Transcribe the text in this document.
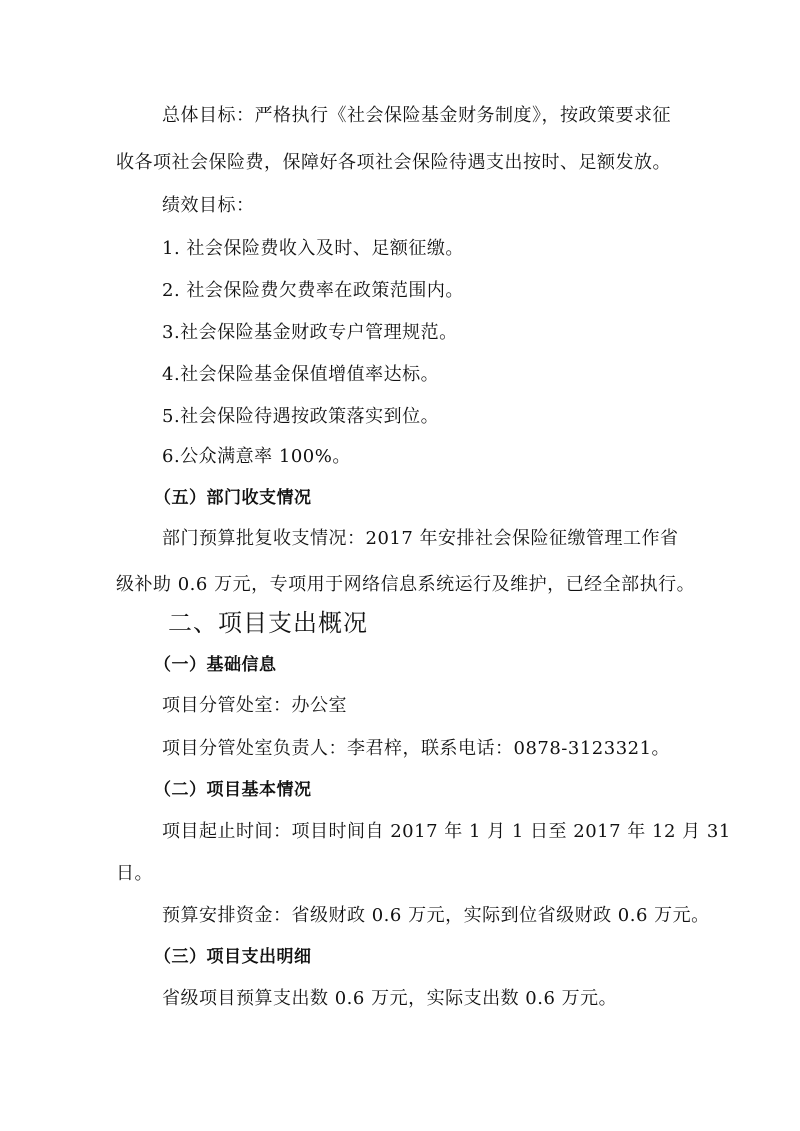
总体目标：严格执行《社会保险基金财务制度》，按政策要求征
收各项社会保险费，保障好各项社会保险待遇支出按时、足额发放。
绩效目标：
1. 社会保险费收入及时、足额征缴。
2. 社会保险费欠费率在政策范围内。
3.社会保险基金财政专户管理规范。
4.社会保险基金保值增值率达标。
5.社会保险待遇按政策落实到位。
6.公众满意率 100%。
（五）部门收支情况
部门预算批复收支情况：2017 年安排社会保险征缴管理工作省
级补助 0.6 万元，专项用于网络信息系统运行及维护，已经全部执行。
二、项目支出概况
（一）基础信息
项目分管处室：办公室
项目分管处室负责人：李君梓，联系电话：0878-3123321。
（二）项目基本情况
项目起止时间：项目时间自 2017 年 1 月 1 日至 2017 年 12 月 31
日。
预算安排资金：省级财政 0.6 万元，实际到位省级财政 0.6 万元。
（三）项目支出明细
省级项目预算支出数 0.6 万元，实际支出数 0.6 万元。
